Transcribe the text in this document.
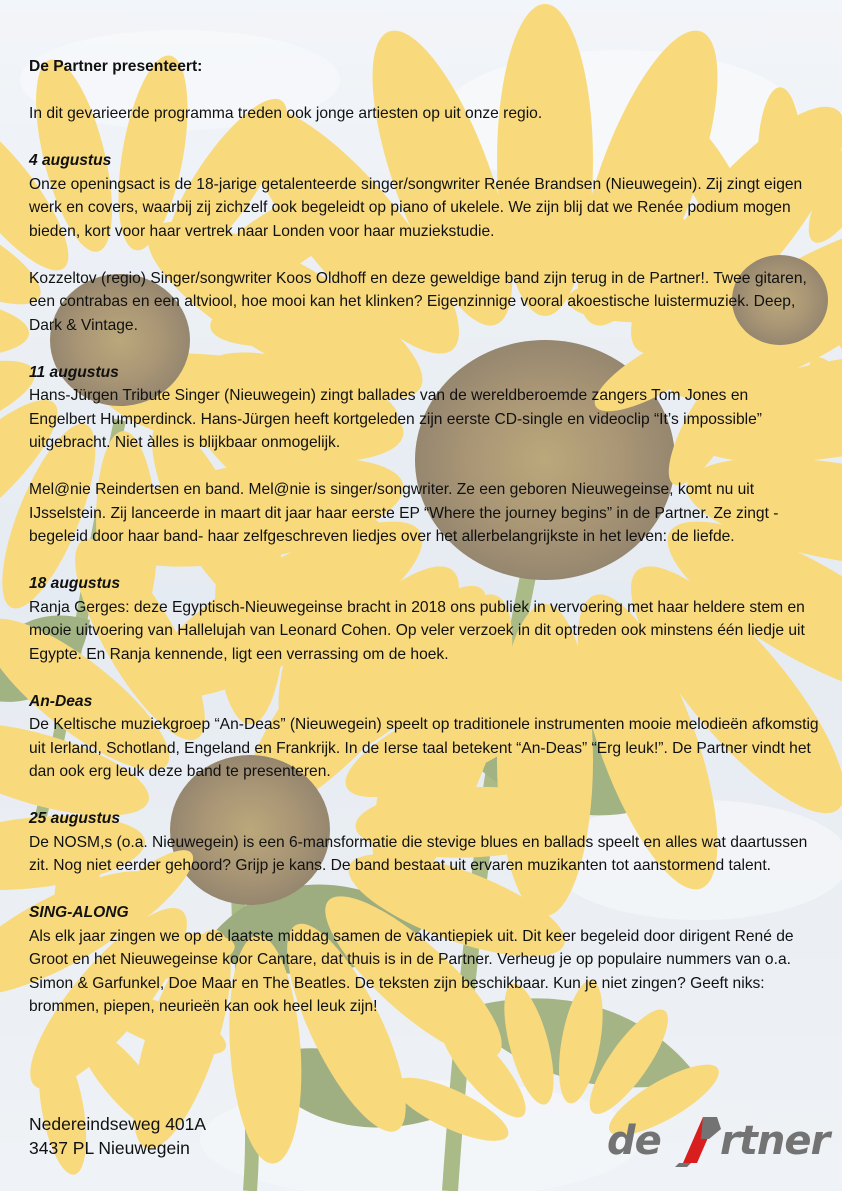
De Partner presenteert:

In dit gevarieerde programma treden ook jonge artiesten op uit onze regio.

4 augustus

Onze openingsact is de 18-jarige getalenteerde singer/songwriter Renée Brandsen (Nieuwegein). Zij zingt eigen werk en covers, waarbij zij zichzelf ook begeleidt op piano of ukelele. We zijn blij dat we Renée podium mogen bieden, kort voor haar vertrek naar Londen voor haar muziekstudie.

Kozzeltov (regio) Singer/songwriter Koos Oldhoff en deze geweldige band zijn terug in de Partner!. Twee gitaren, een contrabas en een altviool, hoe mooi kan het klinken? Eigenzinnige vooral akoestische luistermuziek. Deep, Dark & Vintage.

11 augustus

Hans-Jürgen Tribute Singer (Nieuwegein) zingt ballades van de wereldberoemde zangers Tom Jones en Engelbert Humperdinck. Hans-Jürgen heeft kortgeleden zijn eerste CD-single en videoclip “It’s impossible” uitgebracht. Niet àlles is blijkbaar onmogelijk.

Mel@nie Reindertsen en band. Mel@nie is singer/songwriter. Ze een geboren Nieuwegeinse, komt nu uit IJsselstein. Zij lanceerde in maart dit jaar haar eerste EP “Where the journey begins” in de Partner. Ze zingt -begeleid door haar band- haar zelfgeschreven liedjes over het allerbelangrijkste in het leven: de liefde.

18 augustus

Ranja Gerges: deze Egyptisch-Nieuwegeinse bracht in 2018 ons publiek in vervoering met haar heldere stem en mooie uitvoering van Hallelujah van Leonard Cohen. Op veler verzoek in dit optreden ook minstens één liedje uit Egypte. En Ranja kennende, ligt een verrassing om de hoek.

An-Deas

De Keltische muziekgroep “An-Deas” (Nieuwegein) speelt op traditionele instrumenten mooie melodieën afkomstig uit Ierland, Schotland, Engeland en Frankrijk. In de Ierse taal betekent “An-Deas” “Erg leuk!”. De Partner vindt het dan ook erg leuk deze band te presenteren.

25 augustus

De NOSM,s (o.a. Nieuwegein) is een 6-mansformatie die stevige blues en ballads speelt en alles wat daartussen zit. Nog niet eerder gehoord? Grijp je kans. De band bestaat uit ervaren muzikanten tot aanstormend talent.

SING-ALONG

Als elk jaar zingen we op de laatste middag samen de vakantiepiek uit. Dit keer begeleid door dirigent René de Groot en het Nieuwegeinse koor Cantare, dat thuis is in de Partner. Verheug je op populaire nummers van o.a. Simon & Garfunkel, Doe Maar en The Beatles. De teksten zijn beschikbaar. Kun je niet zingen? Geeft niks: brommen, piepen, neurieën kan ook heel leuk zijn!

Nedereindseweg 401A

3437 PL Nieuwegein	de rtner
